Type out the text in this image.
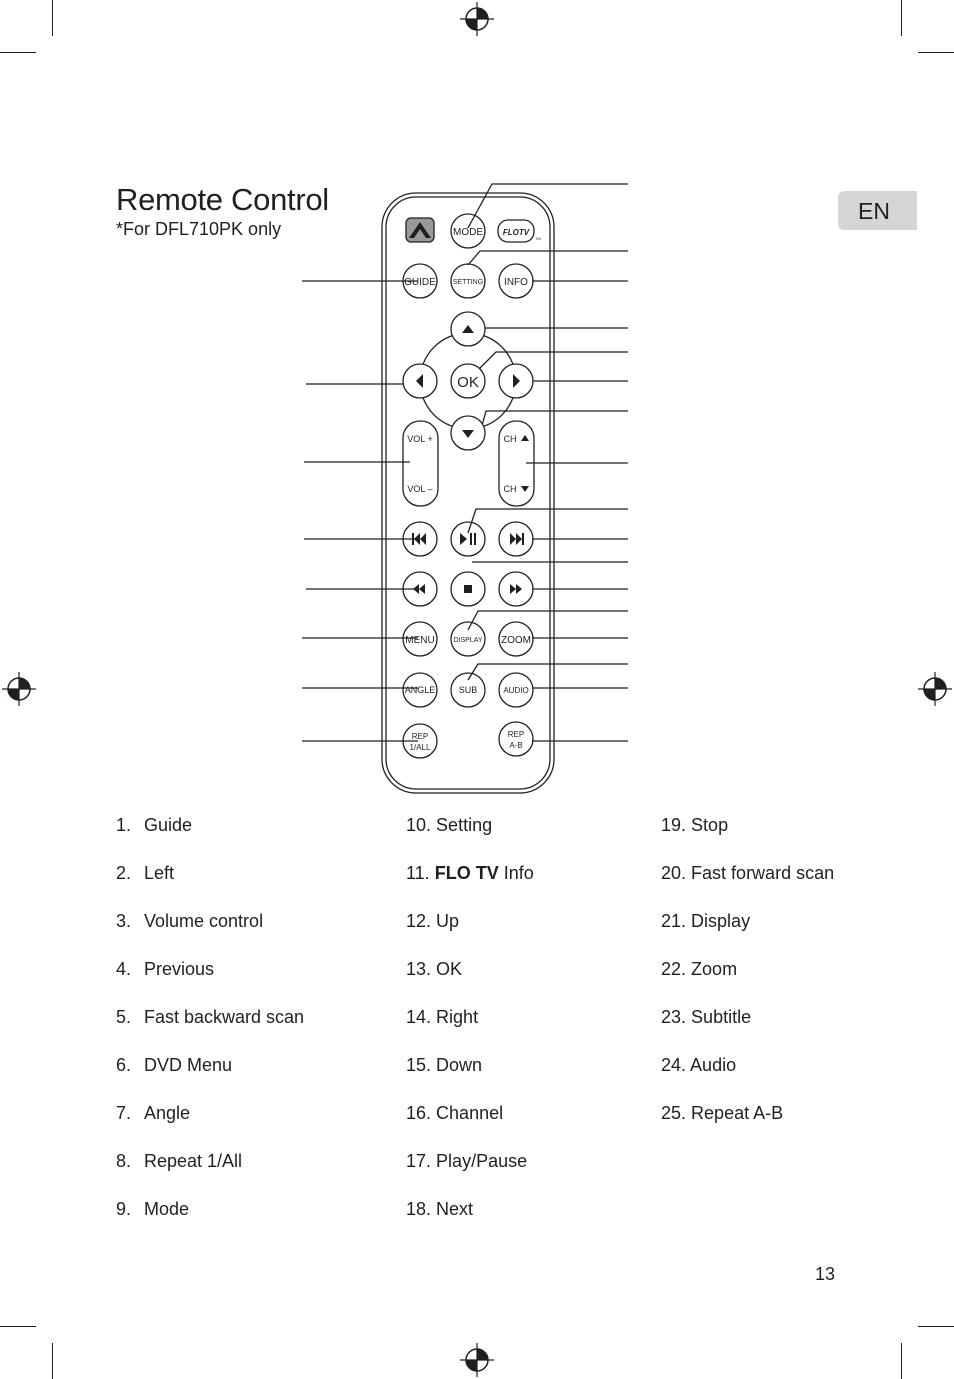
Remote Control
*For DFL710PK only
EN
MODE FLOTV
TM
GUIDE SETTING INFO
OK
VOL +
VOL –
CH
CH
MENU	DISPLAY ZOOM
ANGLE	SUB	AUDIO
REP
1/ALL
REP
A-B
1. Guide
2. Left
3. Volume control
4. Previous
5. Fast backward scan
6. DVD Menu
7. Angle
8. Repeat 1/All
9. Mode
10. Setting
11. FLO TV Info
12. Up
13. OK
14. Right
15. Down
16. Channel
17. Play/Pause
18. Next
19. Stop
20. Fast forward scan
21. Display
22. Zoom
23. Subtitle
24. Audio
25. Repeat A-B
13
